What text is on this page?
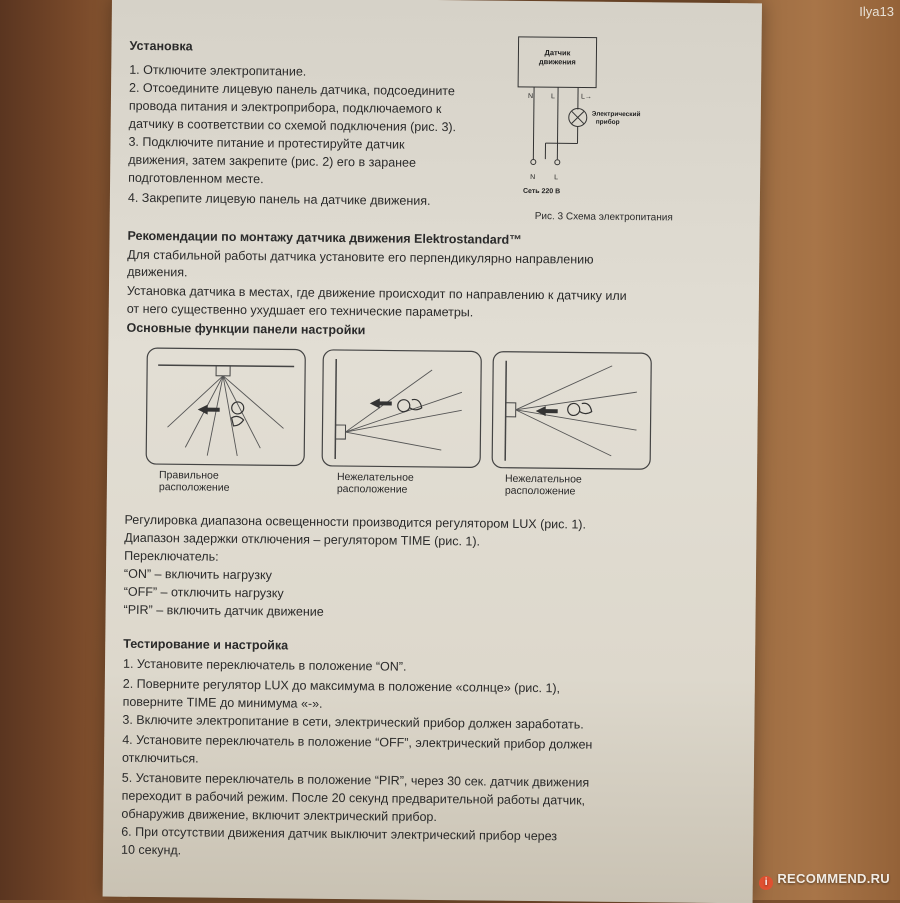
Установка
1. Отключите электропитание.
2. Отсоедините лицевую панель датчика, подсоедините
провода питания и электроприбора, подключаемого к
датчику в соответствии со схемой подключения (рис. 3).
3. Подключите питание и протестируйте датчик
движения, затем закрепите (рис. 2) его в заранее
подготовленном месте.
4. Закрепите лицевую панель на датчике движения.
Датчик
движения
N	L	L→
Электрический
прибор
N	L
Сеть 220 В
Рис. 3 Схема электропитания
Рекомендации по монтажу датчика движения Elektrostandard™
Для стабильной работы датчика установите его перпендикулярно направлению
движения.
Установка датчика в местах, где движение происходит по направлению к датчику или
от него существенно ухудшает его технические параметры.
Основные функции панели настройки
Правильное
расположение
Нежелательное
расположение
Нежелательное
расположение
Регулировка диапазона освещенности производится регулятором LUX (рис. 1).
Диапазон задержки отключения – регулятором TIME (рис. 1).
Переключатель:
“ON” – включить нагрузку
“OFF” – отключить нагрузку
“PIR” – включить датчик движение
Тестирование и настройка
1. Установите переключатель в положение “ON”.
2. Поверните регулятор LUX до максимума в положение «солнце» (рис. 1),
поверните TIME до минимума «-».
3. Включите электропитание в сети, электрический прибор должен заработать.
4. Установите переключатель в положение “OFF”, электрический прибор должен
отключиться.
5. Установите переключатель в положение “PIR”, через 30 сек. датчик движения
переходит в рабочий режим. После 20 секунд предварительной работы датчик,
обнаружив движение, включит электрический прибор.
6. При отсутствии движения датчик выключит электрический прибор через
10 секунд.
Ilya13
i RECOMMEND.RU
